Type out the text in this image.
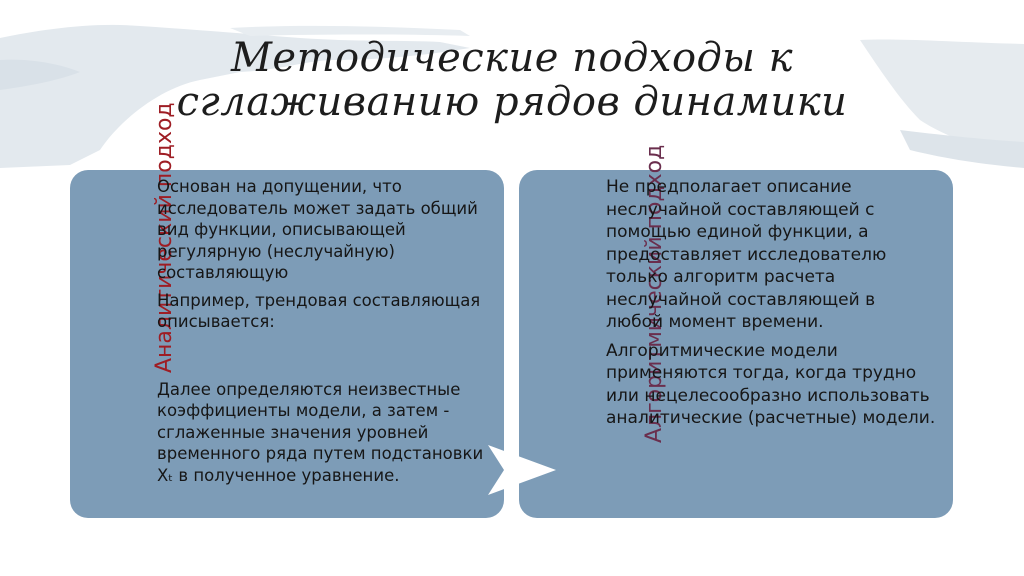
Методические подходы к
сглаживанию рядов динамики
Аналитический подход	Алгоритмический подход

Основан на допущении, что исследователь может задать общий вид функции, описывающей регулярную (неслучайную) составляющую

Например, трендовая составляющая описывается:

Далее определяются неизвестные коэффициенты модели, а затем - сглаженные значения уровней временного ряда путем подстановки Xₜ в полученное уравнение.

Не предполагает описание неслучайной составляющей с помощью единой функции, а предоставляет исследователю только алгоритм расчета неслучайной составляющей в любой момент времени.

Алгоритмические модели применяются тогда, когда трудно или нецелесообразно использовать аналитические (расчетные) модели.
